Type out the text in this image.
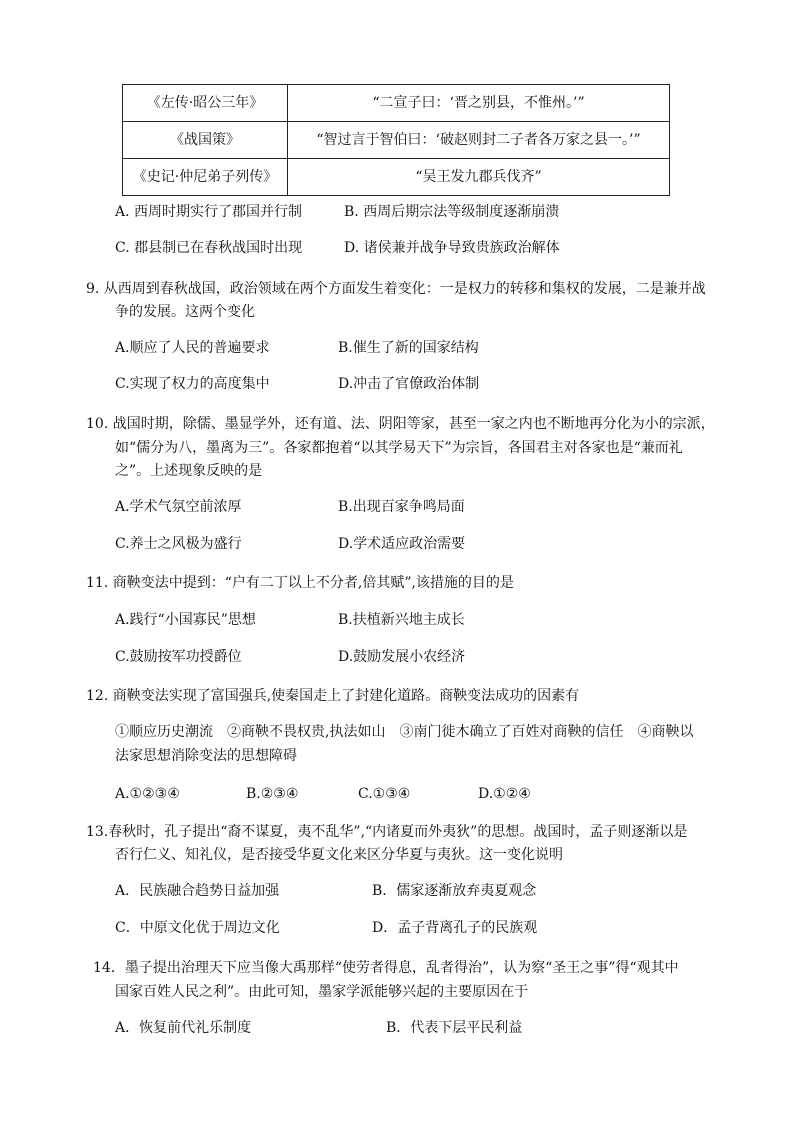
《左传·昭公三年》	“二宣子曰：‘晋之别县，不惟州。’”
《战国策》	“智过言于智伯曰：‘破赵则封二子者各万家之县一。’”
《史记·仲尼弟子列传》	“吴王发九郡兵伐齐”
A. 西周时期实行了郡国并行制	B. 西周后期宗法等级制度逐渐崩溃
C. 郡县制已在春秋战国时出现	D. 诸侯兼并战争导致贵族政治解体
9. 从西周到春秋战国，政治领域在两个方面发生着变化：一是权力的转移和集权的发展，二是兼并战
争的发展。这两个变化
A.顺应了人民的普遍要求	B.催生了新的国家结构
C.实现了权力的高度集中	D.冲击了官僚政治体制
10. 战国时期，除儒、墨显学外，还有道、法、阴阳等家，甚至一家之内也不断地再分化为小的宗派，
如“儒分为八，墨离为三”。各家都抱着“以其学易天下”为宗旨，各国君主对各家也是“兼而礼
之”。上述现象反映的是
A.学术气氛空前浓厚	B.出现百家争鸣局面
C.养士之风极为盛行	D.学术适应政治需要
11. 商鞅变法中提到：“户有二丁以上不分者,倍其赋”,该措施的目的是
A.践行“小国寡民”思想	B.扶植新兴地主成长
C.鼓励按军功授爵位	D.鼓励发展小农经济
12. 商鞅变法实现了富国强兵,使秦国走上了封建化道路。商鞅变法成功的因素有
①顺应历史潮流　②商鞅不畏权贵,执法如山　③南门徙木确立了百姓对商鞅的信任　④商鞅以
法家思想消除变法的思想障碍
A.①②③④	B.②③④	C.①③④	D.①②④
13.春秋时，孔子提出“裔不谋夏，夷不乱华”,“内诸夏而外夷狄”的思想。战国时，孟子则逐渐以是
否行仁义、知礼仪，是否接受华夏文化来区分华夏与夷狄。这一变化说明
A．民族融合趋势日益加强	B．儒家逐渐放弃夷夏观念
C．中原文化优于周边文化	D．孟子背离孔子的民族观
14．墨子提出治理天下应当像大禹那样“使劳者得息，乱者得治”，认为察“圣王之事”得“观其中
国家百姓人民之利”。由此可知，墨家学派能够兴起的主要原因在于
A．恢复前代礼乐制度	B．代表下层平民利益
